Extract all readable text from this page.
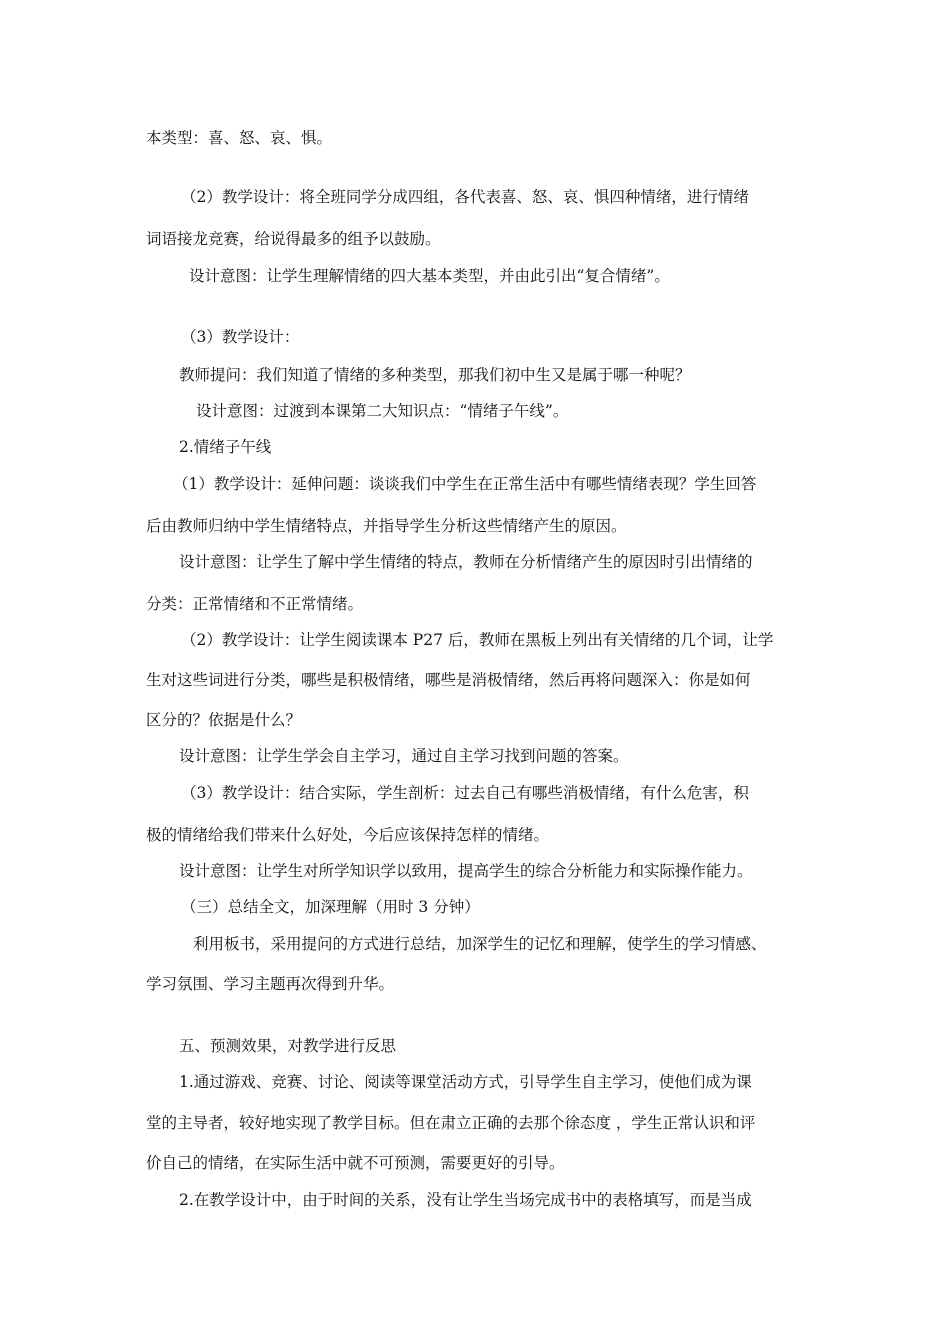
本类型：喜、怒、哀、惧。
（2）教学设计：将全班同学分成四组，各代表喜、怒、哀、惧四种情绪，进行情绪
词语接龙竞赛，给说得最多的组予以鼓励。
设计意图：让学生理解情绪的四大基本类型，并由此引出“复合情绪”。
（3）教学设计：
教师提问：我们知道了情绪的多种类型，那我们初中生又是属于哪一种呢？
设计意图：过渡到本课第二大知识点：“情绪子午线”。
2.情绪子午线
（1）教学设计：延伸问题：谈谈我们中学生在正常生活中有哪些情绪表现？学生回答
后由教师归纳中学生情绪特点，并指导学生分析这些情绪产生的原因。
设计意图：让学生了解中学生情绪的特点，教师在分析情绪产生的原因时引出情绪的
分类：正常情绪和不正常情绪。
（2）教学设计：让学生阅读课本 P27 后，教师在黑板上列出有关情绪的几个词，让学
生对这些词进行分类，哪些是积极情绪，哪些是消极情绪，然后再将问题深入：你是如何
区分的？依据是什么？
设计意图：让学生学会自主学习，通过自主学习找到问题的答案。
（3）教学设计：结合实际，学生剖析：过去自己有哪些消极情绪，有什么危害，积
极的情绪给我们带来什么好处，今后应该保持怎样的情绪。
设计意图：让学生对所学知识学以致用，提高学生的综合分析能力和实际操作能力。
（三）总结全文，加深理解（用时 3 分钟）
利用板书，采用提问的方式进行总结，加深学生的记忆和理解，使学生的学习情感、
学习氛围、学习主题再次得到升华。
五、预测效果，对教学进行反思
1.通过游戏、竞赛、讨论、阅读等课堂活动方式，引导学生自主学习，使他们成为课
堂的主导者，较好地实现了教学目标。但在肃立正确的去那个徐态度 ，学生正常认识和评
价自己的情绪，在实际生活中就不可预测，需要更好的引导。
2.在教学设计中，由于时间的关系，没有让学生当场完成书中的表格填写，而是当成
